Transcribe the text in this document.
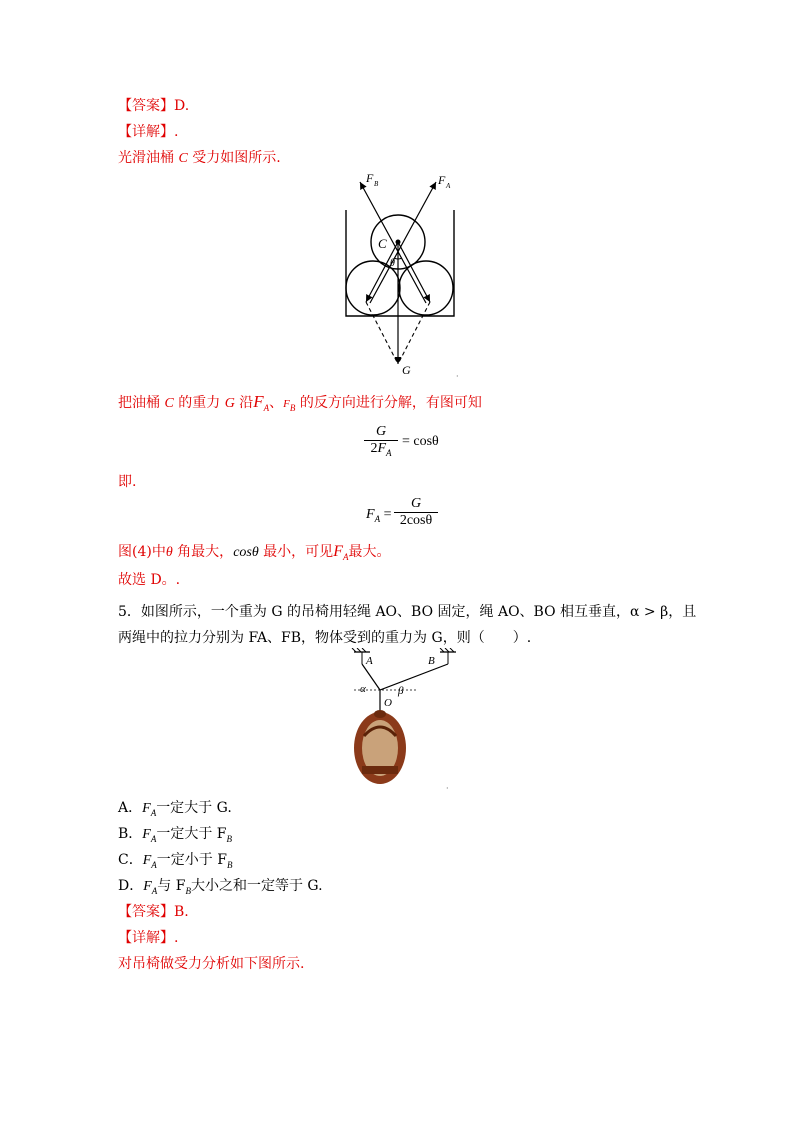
【答案】D.
【详解】.
光滑油桶 C 受力如图所示.
F B	F A
C
θ
G	·
把油桶 C 的重力 G 沿$F_A$、$F_B$ 的反方向进行分解，有图可知
G
$2F_A$
= cosθ
即.
$F_A$ =
G
2cosθ
图(4)中θ 角最大，cosθ 最小，可见$F_A$最大。
故选 D。.
5．如图所示，一个重为 G 的吊椅用轻绳 AO、BO 固定，绳 AO、BO 相互垂直，α > β，且
两绳中的拉力分别为 FA、FB，物体受到的重力为 G，则（　　）.
A	B
α	β
O
·
A．$F_A$一定大于 G.
B．$F_A$一定大于 $F_B$
C．$F_A$一定小于 $F_B$
D．$F_A$与 $F_B$大小之和一定等于 G.
【答案】B.
【详解】.
对吊椅做受力分析如下图所示.
